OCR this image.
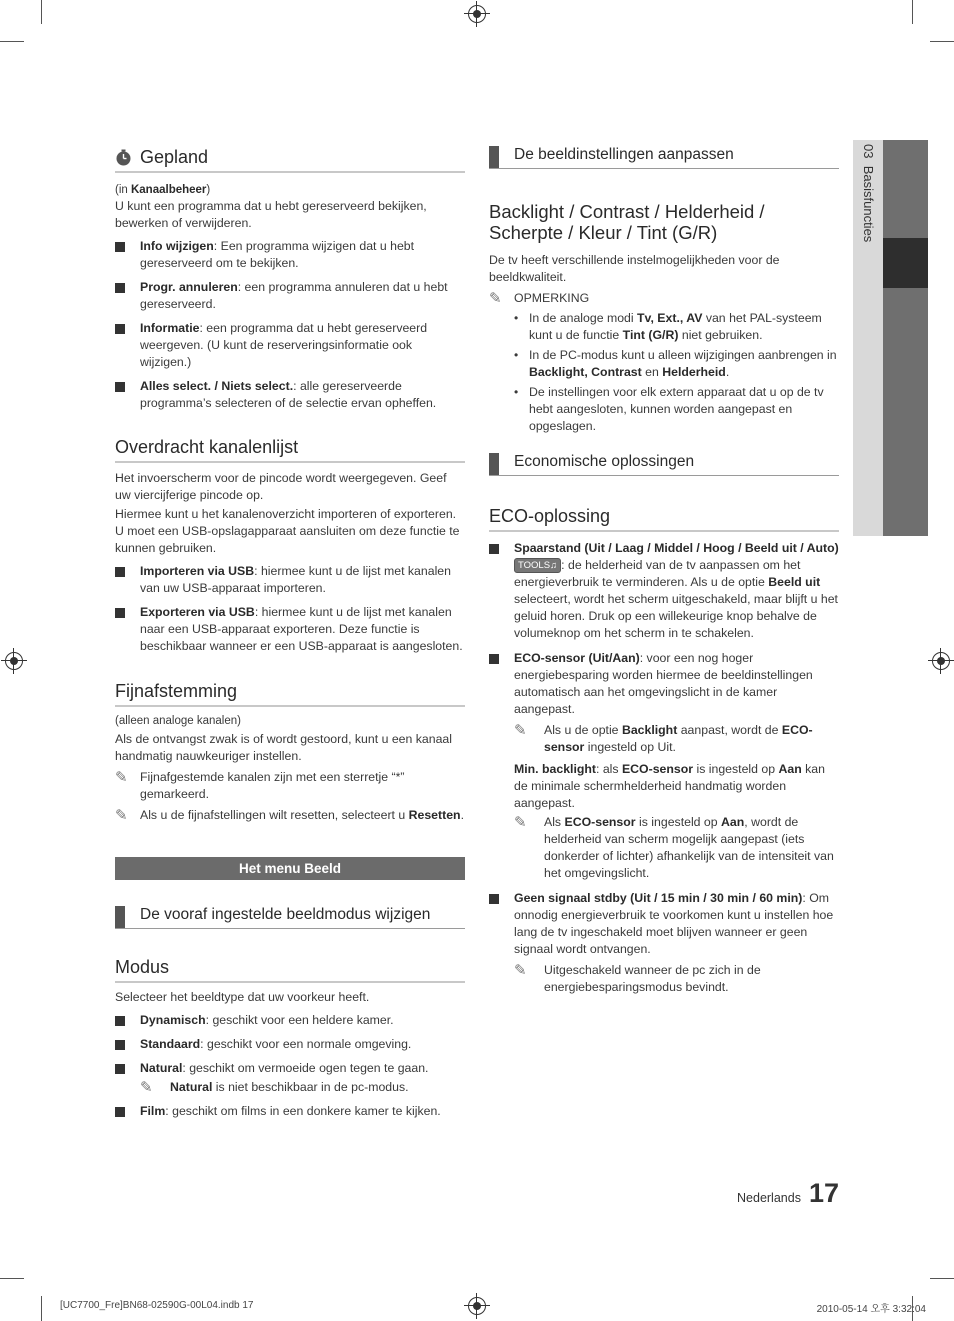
03  Basisfuncties
Gepland

(in Kanaalbeheer)

U kunt een programma dat u hebt gereserveerd bekijken, bewerken of verwijderen.

Info wijzigen: Een programma wijzigen dat u hebt gereserveerd om te bekijken.
Progr. annuleren: een programma annuleren dat u hebt gereserveerd.
Informatie: een programma dat u hebt gereserveerd weergeven. (U kunt de reserveringsinformatie ook wijzigen.)
Alles select. / Niets select.: alle gereserveerde programma’s selecteren of de selectie ervan opheffen.
Overdracht kanalenlijst

Het invoerscherm voor de pincode wordt weergegeven. Geef uw viercijferige pincode op.

Hiermee kunt u het kanalenoverzicht importeren of exporteren. U moet een USB-opslagapparaat aansluiten om deze functie te kunnen gebruiken.

Importeren via USB: hiermee kunt u de lijst met kanalen van uw USB-apparaat importeren.
Exporteren via USB: hiermee kunt u de lijst met kanalen naar een USB-apparaat exporteren. Deze functie is beschikbaar wanneer er een USB-apparaat is aangesloten.
Fijnafstemming

(alleen analoge kanalen)

Als de ontvangst zwak is of wordt gestoord, kunt u een kanaal handmatig nauwkeuriger instellen.

✎ Fijnafgestemde kanalen zijn met een sterretje “*” gemarkeerd.
✎ Als u de fijnafstellingen wilt resetten, selecteert u Resetten.
Het menu Beeld
De vooraf ingestelde beeldmodus wijzigen
Modus

Selecteer het beeldtype dat uw voorkeur heeft.

Dynamisch: geschikt voor een heldere kamer.
Standaard: geschikt voor een normale omgeving.
Natural: geschikt om vermoeide ogen tegen te gaan.
✎ Natural is niet beschikbaar in de pc-modus.
Film: geschikt om films in een donkere kamer te kijken.
De beeldinstellingen aanpassen
Backlight / Contrast / Helderheid / Scherpte / Kleur / Tint (G/R)

De tv heeft verschillende instelmogelijkheden voor de beeldkwaliteit.

✎ OPMERKING
• In de analoge modi Tv, Ext., AV van het PAL-systeem kunt u de functie Tint (G/R) niet gebruiken.
• In de PC-modus kunt u alleen wijzigingen aanbrengen in Backlight, Contrast en Helderheid.
• De instellingen voor elk extern apparaat dat u op de tv hebt aangesloten, kunnen worden aangepast en opgeslagen.
Economische oplossingen
ECO-oplossing
Spaarstand (Uit / Laag / Middel / Hoog / Beeld uit / Auto) TOOLS♫ : de helderheid van de tv aanpassen om het energieverbruik te verminderen. Als u de optie Beeld uit selecteert, wordt het scherm uitgeschakeld, maar blijft u het geluid horen. Druk op een willekeurige knop behalve de volumeknop om het scherm in te schakelen.
ECO-sensor (Uit/Aan): voor een nog hoger energiebesparing worden hiermee de beeldinstellingen automatisch aan het omgevingslicht in de kamer aangepast.
✎ Als u de optie Backlight aanpast, wordt de ECO-sensor ingesteld op Uit.
Min. backlight: als ECO-sensor is ingesteld op Aan kan de minimale schermhelderheid handmatig worden aangepast.
✎ Als ECO-sensor is ingesteld op Aan, wordt de helderheid van scherm mogelijk aangepast (iets donkerder of lichter) afhankelijk van de intensiteit van het omgevingslicht.
Geen signaal stdby (Uit / 15 min / 30 min / 60 min): Om onnodig energieverbruik te voorkomen kunt u instellen hoe lang de tv ingeschakeld moet blijven wanneer er geen signaal wordt ontvangen.
✎ Uitgeschakeld wanneer de pc zich in de energiebesparingsmodus bevindt.
Nederlands 17
[UC7700_Fre]BN68-02590G-00L04.indb 17	2010-05-14 오후 3:32:04
